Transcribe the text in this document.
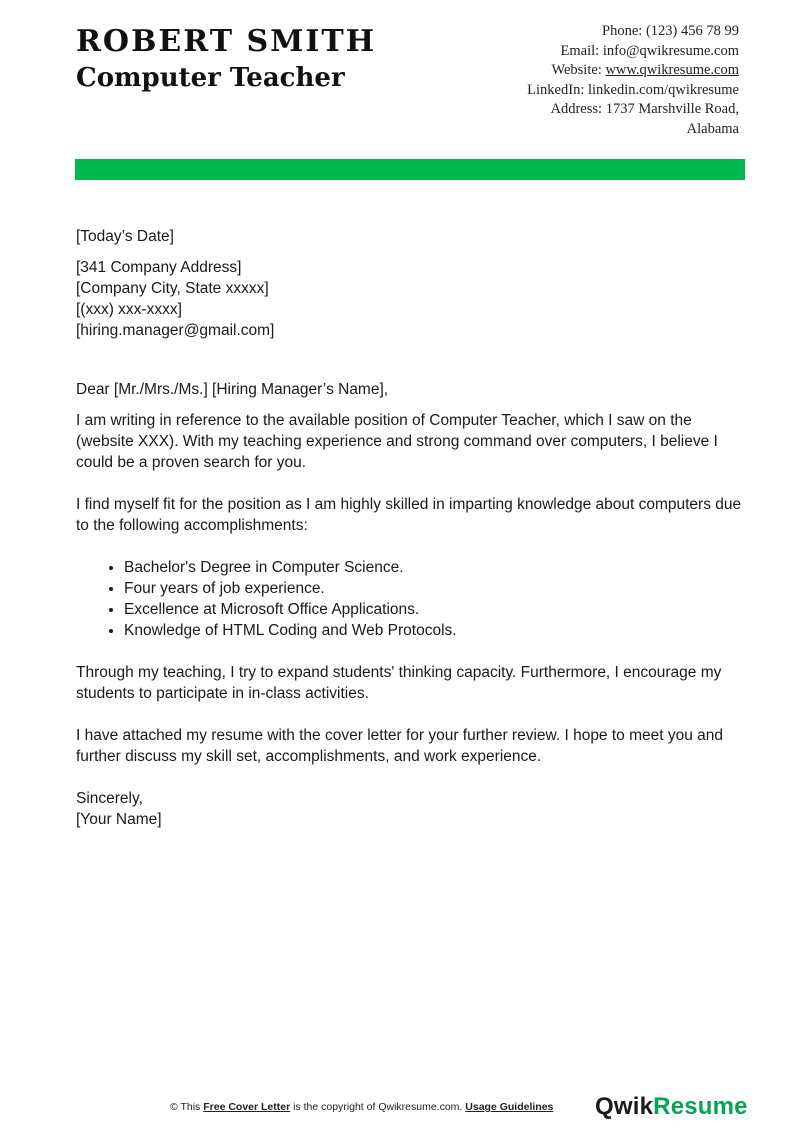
ROBERT SMITH
Computer Teacher
Phone: (123) 456 78 99
Email: info@qwikresume.com
Website: www.qwikresume.com
LinkedIn: linkedin.com/qwikresume
Address: 1737 Marshville Road,
Alabama
[Today’s Date]
[341 Company Address]
[Company City, State xxxxx]
[(xxx) xxx-xxxx]
[hiring.manager@gmail.com]
Dear [Mr./Mrs./Ms.] [Hiring Manager’s Name],

I am writing in reference to the available position of Computer Teacher, which I saw on the (website XXX). With my teaching experience and strong command over computers, I believe I could be a proven search for you.

I find myself fit for the position as I am highly skilled in imparting knowledge about computers due to the following accomplishments:

• Bachelor's Degree in Computer Science.
• Four years of job experience.
• Excellence at Microsoft Office Applications.
• Knowledge of HTML Coding and Web Protocols.

Through my teaching, I try to expand students' thinking capacity. Furthermore, I encourage my students to participate in in-class activities.

I have attached my resume with the cover letter for your further review. I hope to meet you and further discuss my skill set, accomplishments, and work experience.

Sincerely,
[Your Name]
© This Free Cover Letter is the copyright of Qwikresume.com. Usage Guidelines QwikResume
